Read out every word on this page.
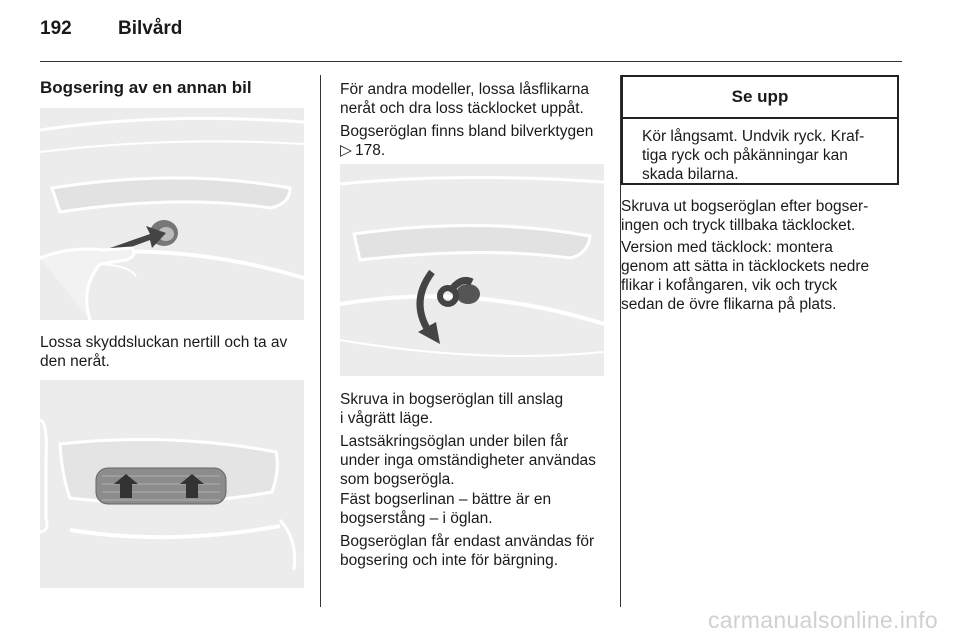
192 Bilvård
Bogsering av en annan bil
Lossa skyddsluckan nertill och ta av
den neråt.
För andra modeller, lossa låsflikarna
neråt och dra loss täcklocket uppåt.
Bogseröglan finns bland bilverktygen
▷ 178.
Skruva in bogseröglan till anslag
i vågrätt läge.
Lastsäkringsöglan under bilen får
under inga omständigheter användas
som bogserögla.
Fäst bogserlinan – bättre är en
bogserstång – i öglan.
Bogseröglan får endast användas för
bogsering och inte för bärgning.
Se upp
Kör långsamt. Undvik ryck. Kraf-
tiga ryck och påkänningar kan
skada bilarna.
Skruva ut bogseröglan efter bogser-
ingen och tryck tillbaka täcklocket.
Version med täcklock: montera
genom att sätta in täcklockets nedre
flikar i kofångaren, vik och tryck
sedan de övre flikarna på plats.
carmanualsonline.info
